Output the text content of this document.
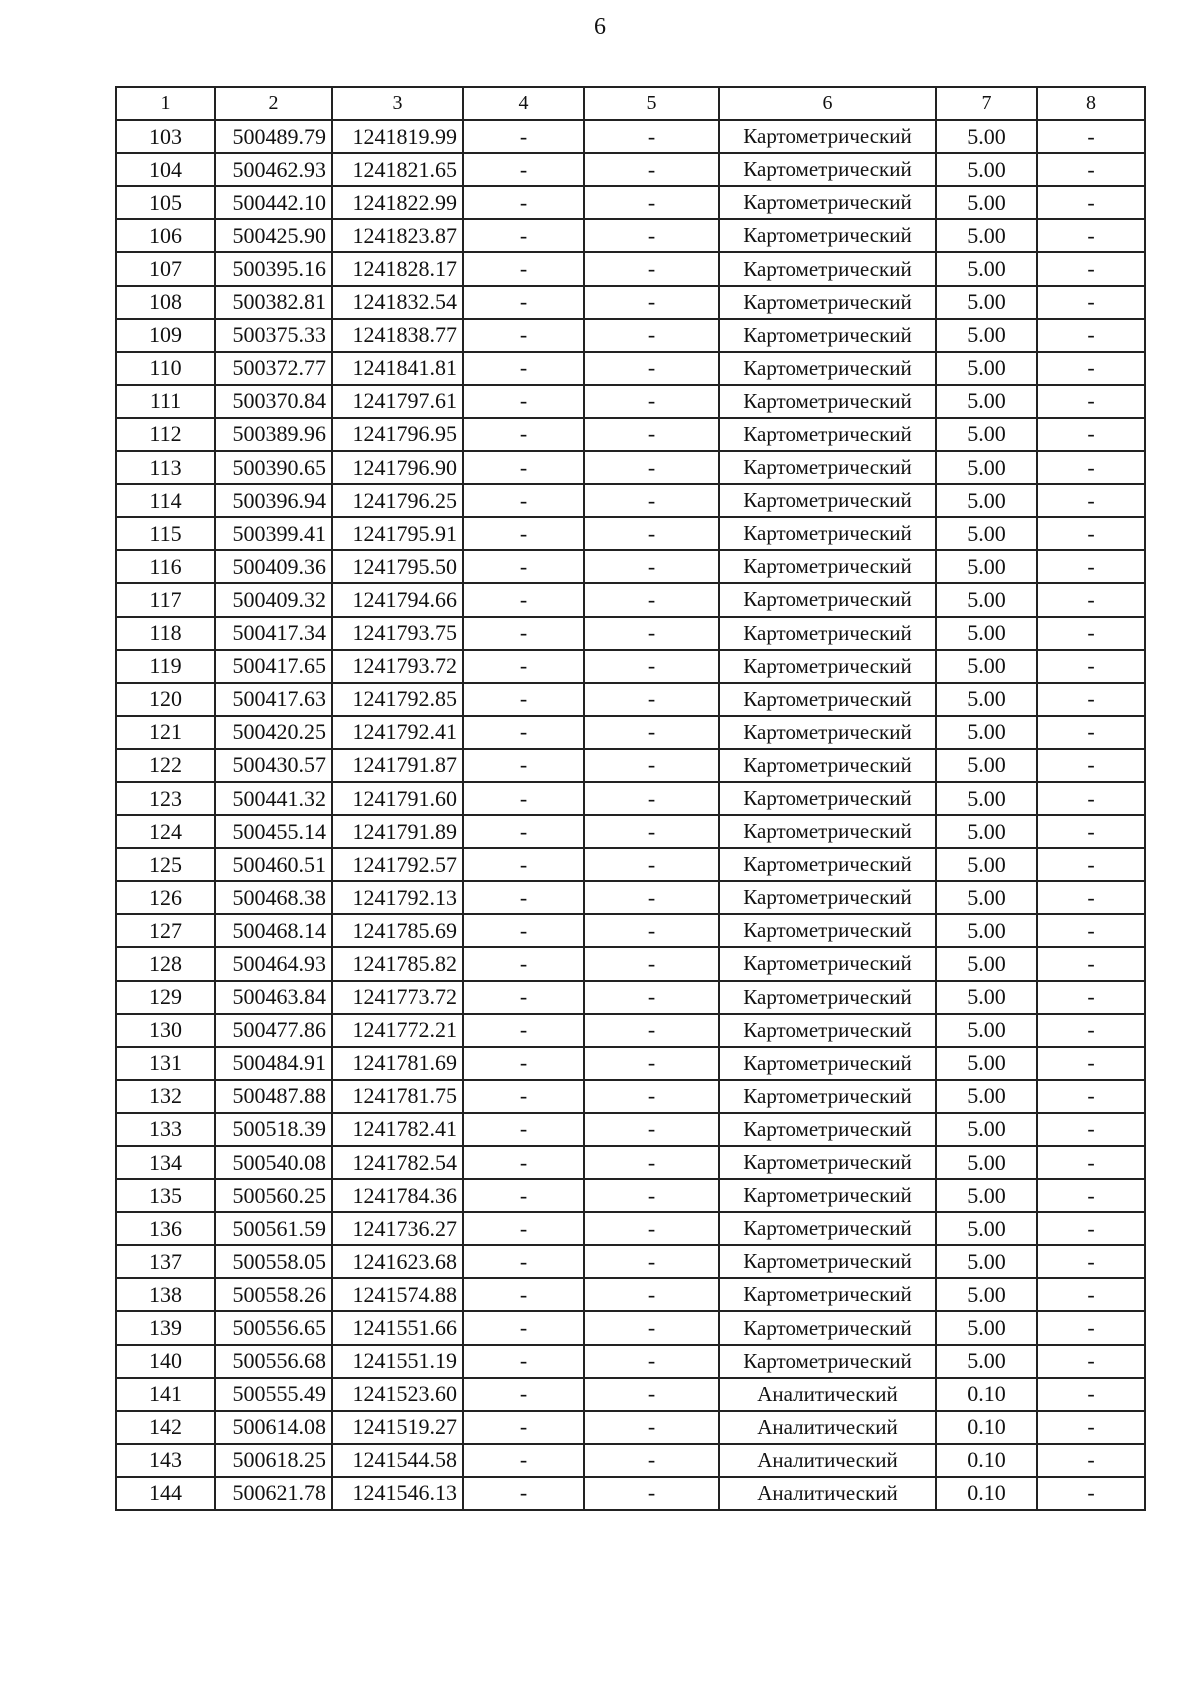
6
1	2	3	4	5	6	7	8
103	500489.79	1241819.99	-	-	Картометрический	5.00	-
104	500462.93	1241821.65	-	-	Картометрический	5.00	-
105	500442.10	1241822.99	-	-	Картометрический	5.00	-
106	500425.90	1241823.87	-	-	Картометрический	5.00	-
107	500395.16	1241828.17	-	-	Картометрический	5.00	-
108	500382.81	1241832.54	-	-	Картометрический	5.00	-
109	500375.33	1241838.77	-	-	Картометрический	5.00	-
110	500372.77	1241841.81	-	-	Картометрический	5.00	-
111	500370.84	1241797.61	-	-	Картометрический	5.00	-
112	500389.96	1241796.95	-	-	Картометрический	5.00	-
113	500390.65	1241796.90	-	-	Картометрический	5.00	-
114	500396.94	1241796.25	-	-	Картометрический	5.00	-
115	500399.41	1241795.91	-	-	Картометрический	5.00	-
116	500409.36	1241795.50	-	-	Картометрический	5.00	-
117	500409.32	1241794.66	-	-	Картометрический	5.00	-
118	500417.34	1241793.75	-	-	Картометрический	5.00	-
119	500417.65	1241793.72	-	-	Картометрический	5.00	-
120	500417.63	1241792.85	-	-	Картометрический	5.00	-
121	500420.25	1241792.41	-	-	Картометрический	5.00	-
122	500430.57	1241791.87	-	-	Картометрический	5.00	-
123	500441.32	1241791.60	-	-	Картометрический	5.00	-
124	500455.14	1241791.89	-	-	Картометрический	5.00	-
125	500460.51	1241792.57	-	-	Картометрический	5.00	-
126	500468.38	1241792.13	-	-	Картометрический	5.00	-
127	500468.14	1241785.69	-	-	Картометрический	5.00	-
128	500464.93	1241785.82	-	-	Картометрический	5.00	-
129	500463.84	1241773.72	-	-	Картометрический	5.00	-
130	500477.86	1241772.21	-	-	Картометрический	5.00	-
131	500484.91	1241781.69	-	-	Картометрический	5.00	-
132	500487.88	1241781.75	-	-	Картометрический	5.00	-
133	500518.39	1241782.41	-	-	Картометрический	5.00	-
134	500540.08	1241782.54	-	-	Картометрический	5.00	-
135	500560.25	1241784.36	-	-	Картометрический	5.00	-
136	500561.59	1241736.27	-	-	Картометрический	5.00	-
137	500558.05	1241623.68	-	-	Картометрический	5.00	-
138	500558.26	1241574.88	-	-	Картометрический	5.00	-
139	500556.65	1241551.66	-	-	Картометрический	5.00	-
140	500556.68	1241551.19	-	-	Картометрический	5.00	-
141	500555.49	1241523.60	-	-	Аналитический	0.10	-
142	500614.08	1241519.27	-	-	Аналитический	0.10	-
143	500618.25	1241544.58	-	-	Аналитический	0.10	-
144	500621.78	1241546.13	-	-	Аналитический	0.10	-
